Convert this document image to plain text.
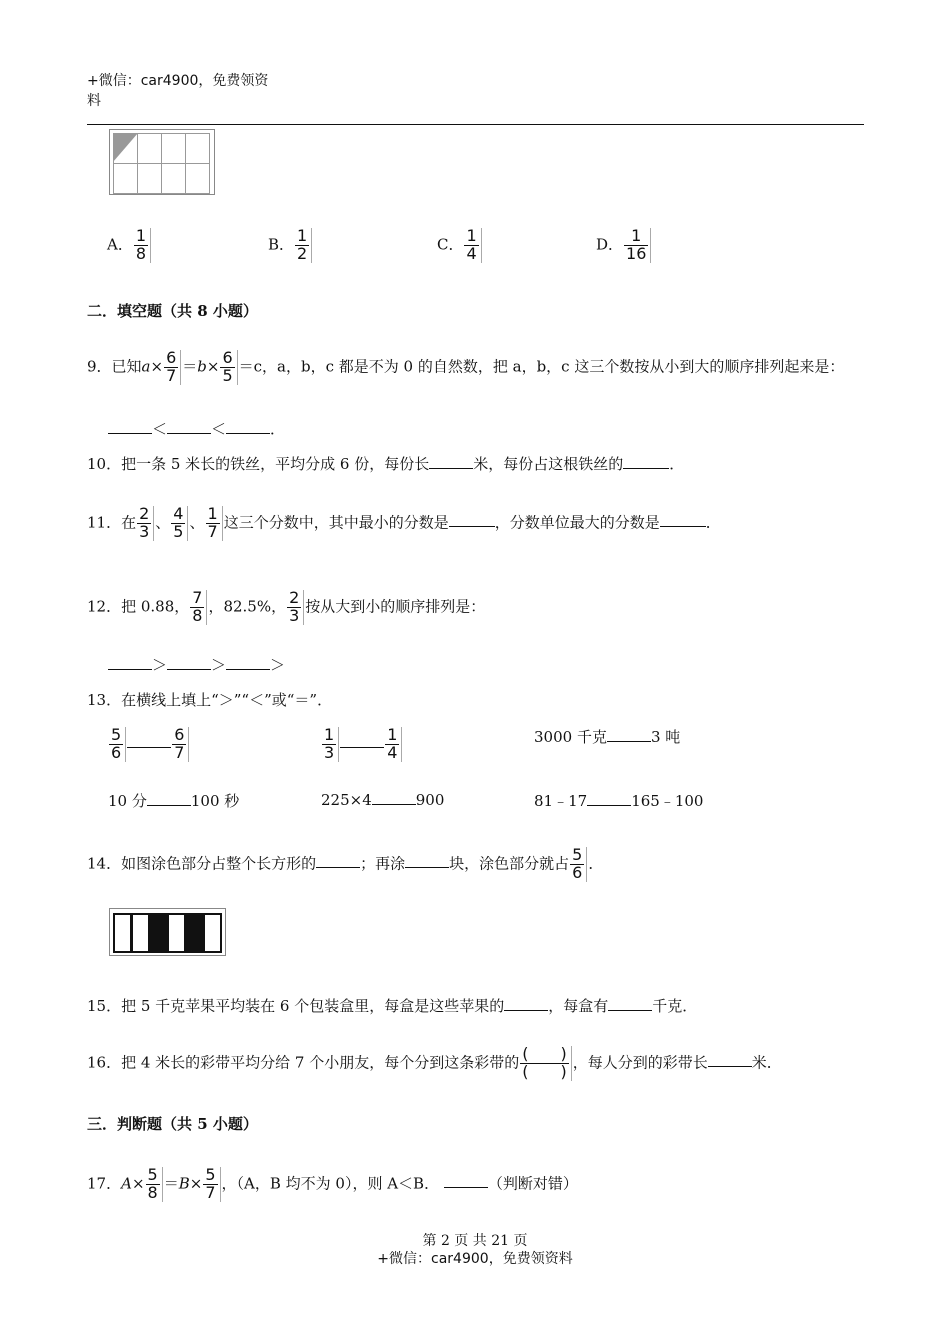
+微信：car4900，免费领资
料
A． $\frac{1}{8}$	B． $\frac{1}{2}$	C． $\frac{1}{4}$	D． $\frac{1}{16}$
二．填空题（共 8 小题）
9．已知$a\times \frac{6}{7} =b\times \frac{6}{5} =c$，a，b，c 都是不为 0 的自然数，把 a，b，c 这三个数按从小到大的顺序排列起来是：
＜	＜	．
10．把一条 5 米长的铁丝，平均分成 6 份，每份长	米，每份占这根铁丝的	．
11．在 $\frac{2}{3}$ 、 $\frac{4}{5}$ 、 $\frac{1}{7}$ 这三个分数中，其中最小的分数是	，分数单位最大的分数是	．
12．把 0.88， $\frac{7}{8}$ ，82.5%， $\frac{2}{3}$ 按从大到小的顺序排列是：
＞	＞	＞
13．在横线上填上“＞”“＜”或“＝”．
$\frac{5}{6}$	$\frac{6}{7}$	$\frac{1}{3}$	$\frac{1}{4}$	3000 千克	3 吨
10 分	100 秒	225×4	900	81﹣17	165﹣100
14．如图涂色部分占整个长方形的	；再涂	块，涂色部分就占 $\frac{5}{6}$ ．
15．把 5 千克苹果平均装在 6 个包装盒里，每盒是这些苹果的	，每盒有	千克．
16．把 4 米长的彩带平均分给 7 个小朋友，每个分到这条彩带的 $\frac{( )}{( )}$ ，每人分到的彩带长	米．
三．判断题（共 5 小题）
17．$A\times \frac{5}{8} =B\times \frac{5}{7}$ ，（A，B 均不为 0），则 A＜B．	（判断对错）
第 2 页 共 21 页
+微信：car4900，免费领资料
